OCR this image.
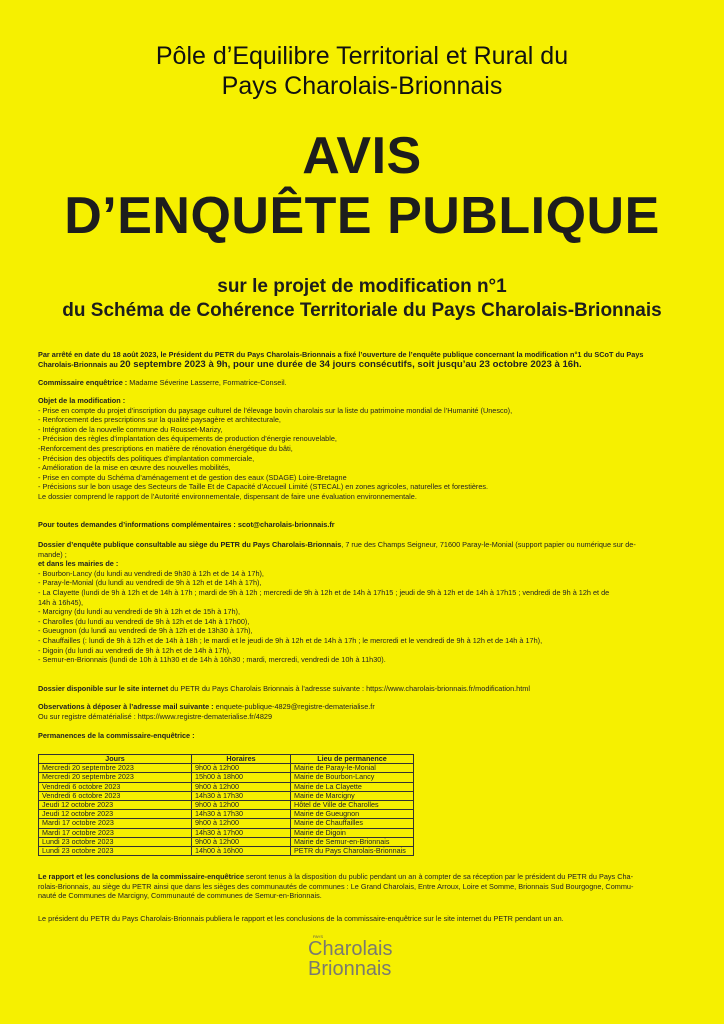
Pôle d’Equilibre Territorial et Rural du
Pays Charolais-Brionnais
AVIS
D’ENQUÊTE PUBLIQUE
sur le projet de modification n°1
du Schéma de Cohérence Territoriale du Pays Charolais-Brionnais
Par arrêté en date du 18 août 2023, le Président du PETR du Pays Charolais-Brionnais a fixé l’ouverture de l’enquête publique concernant la modification n°1 du SCoT du Pays
Charolais-Brionnais au 20 septembre 2023 à 9h, pour une durée de 34 jours consécutifs, soit jusqu’au 23 octobre 2023 à 16h.
Commissaire enquêtrice : Madame Séverine Lasserre, Formatrice-Conseil.
Objet de la modification :
- Prise en compte du projet d’inscription du paysage culturel de l’élevage bovin charolais sur la liste du patrimoine mondial de l’Humanité (Unesco),
- Renforcement des prescriptions sur la qualité paysagère et architecturale,
- Intégration de la nouvelle commune du Rousset-Marizy,
- Précision des règles d’implantation des équipements de production d’énergie renouvelable,
-Renforcement des prescriptions en matière de rénovation énergétique du bâti,
- Précision des objectifs des politiques d’implantation commerciale,
- Amélioration de la mise en œuvre des nouvelles mobilités,
- Prise en compte du Schéma d’aménagement et de gestion des eaux (SDAGE) Loire-Bretagne
- Précisions sur le bon usage des Secteurs de Taille Et de Capacité d’Accueil Limité (STECAL) en zones agricoles, naturelles et forestières.
Le dossier comprend le rapport de l’Autorité environnementale, dispensant de faire une évaluation environnementale.
Pour toutes demandes d’informations complémentaires : scot@charolais-brionnais.fr
Dossier d’enquête publique consultable au siège du PETR du Pays Charolais-Brionnais, 7 rue des Champs Seigneur, 71600 Paray-le-Monial (support papier ou numérique sur de-
mande) ;
et dans les mairies de :
- Bourbon-Lancy (du lundi au vendredi de 9h30 à 12h et de 14 à 17h),
- Paray-le-Monial (du lundi au vendredi de 9h à 12h et de 14h à 17h),
- La Clayette (lundi de 9h à 12h et de 14h à 17h ; mardi de 9h à 12h ; mercredi de 9h à 12h et de 14h à 17h15 ; jeudi de 9h à 12h et de 14h à 17h15 ; vendredi de 9h à 12h et de
14h à 16h45),
- Marcigny (du lundi au vendredi de 9h à 12h et de 15h à 17h),
- Charolles (du lundi au vendredi de 9h à 12h et de 14h à 17h00),
- Gueugnon (du lundi au vendredi de 9h à 12h et de 13h30 à 17h),
- Chauffailles (: lundi de 9h à 12h et de 14h à 18h ; le mardi et le jeudi de 9h à 12h et de 14h à 17h ; le mercredi et le vendredi de 9h à 12h et de 14h à 17h),
- Digoin (du lundi au vendredi de 9h à 12h et de 14h à 17h),
- Semur-en-Brionnais (lundi de 10h à 11h30 et de 14h à 16h30 ; mardi, mercredi, vendredi de 10h à 11h30).
Dossier disponible sur le site internet du PETR du Pays Charolais Brionnais à l’adresse suivante : https://www.charolais-brionnais.fr/modification.html
Observations à déposer à l’adresse mail suivante : enquete-publique-4829@registre-dematerialise.fr
Ou sur registre dématérialisé : https://www.registre-dematerialise.fr/4829
Permanences de la commissaire-enquêtrice :
Jours	Horaires	Lieu de permanence
Mercredi 20 septembre 2023	9h00 à 12h00	Mairie de Paray-le-Monial
Mercredi 20 septembre 2023	15h00 à 18h00	Mairie de Bourbon-Lancy
Vendredi 6 octobre 2023	9h00 à 12h00	Mairie de La Clayette
Vendredi 6 octobre 2023	14h30 à 17h30	Mairie de Marcigny
Jeudi 12 octobre 2023	9h00 à 12h00	Hôtel de Ville de Charolles
Jeudi 12 octobre 2023	14h30 à 17h30	Mairie de Gueugnon
Mardi 17 octobre 2023	9h00 à 12h00	Mairie de Chauffailles
Mardi 17 octobre 2023	14h30 à 17h00	Mairie de Digoin
Lundi 23 octobre 2023	9h00 à 12h00	Mairie de Semur-en-Brionnais
Lundi 23 octobre 2023	14h00 à 16h00	PETR du Pays Charolais-Brionnais
Le rapport et les conclusions de la commissaire-enquêtrice seront tenus à la disposition du public pendant un an à compter de sa réception par le président du PETR du Pays Cha-
rolais-Brionnais, au siège du PETR ainsi que dans les sièges des communautés de communes : Le Grand Charolais, Entre Arroux, Loire et Somme, Brionnais Sud Bourgogne, Commu-
nauté de Communes de Marcigny, Communauté de communes de Semur-en-Brionnais.
Le président du PETR du Pays Charolais-Brionnais publiera le rapport et les conclusions de la commissaire-enquêtrice sur le site internet du PETR pendant un an.
PAYS
Charolais
Brionnais
